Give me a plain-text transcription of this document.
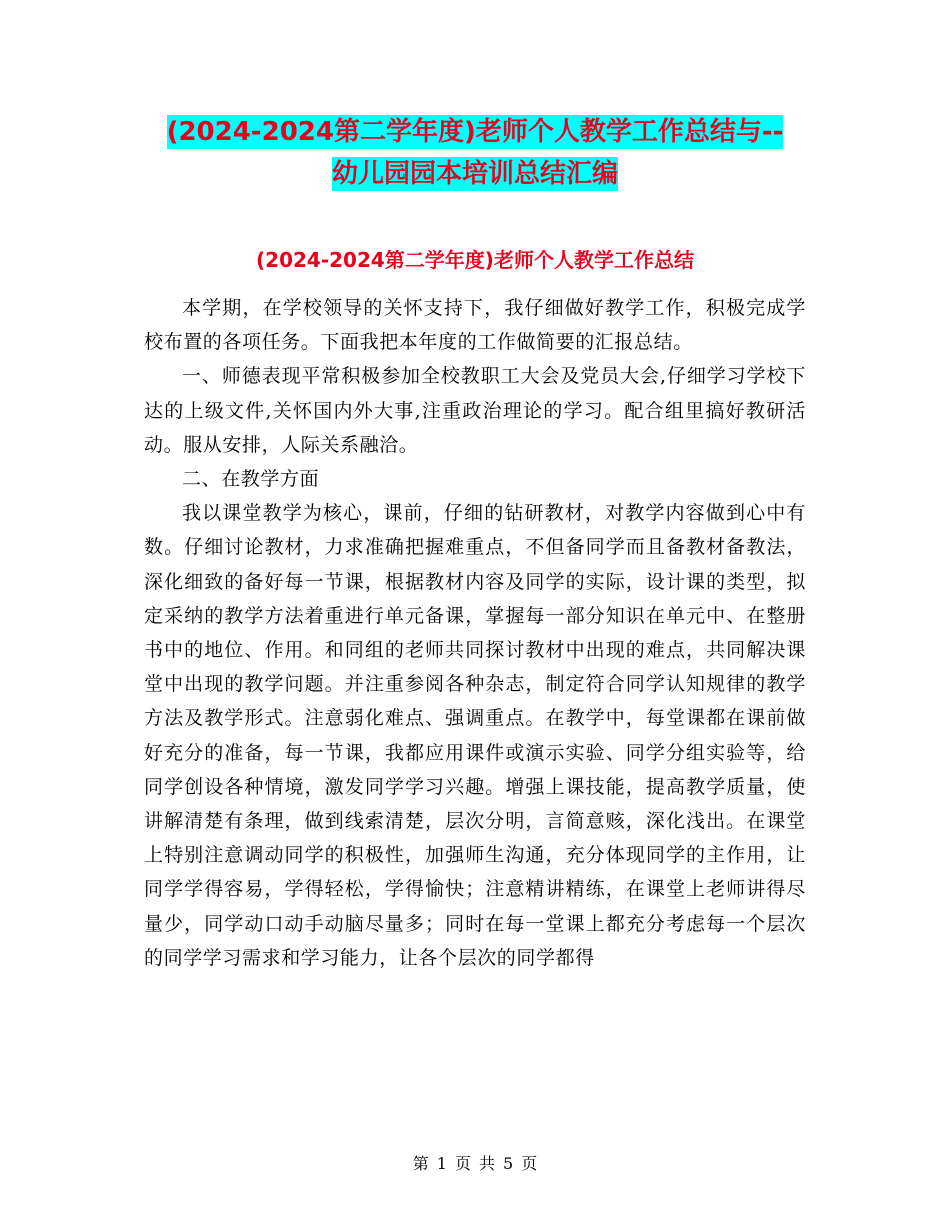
(2024-2024第二学年度)老师个人教学工作总结与--
幼儿园园本培训总结汇编
(2024-2024第二学年度)老师个人教学工作总结

本学期，在学校领导的关怀支持下，我仔细做好教学工作，积极完成学校布置的各项任务。下面我把本年度的工作做简要的汇报总结。

一、师德表现平常积极参加全校教职工大会及党员大会,仔细学习学校下达的上级文件,关怀国内外大事,注重政治理论的学习。配合组里搞好教研活动。服从安排，人际关系融洽。

二、在教学方面

我以课堂教学为核心，课前，仔细的钻研教材，对教学内容做到心中有数。仔细讨论教材，力求准确把握难重点，不但备同学而且备教材备教法，深化细致的备好每一节课，根据教材内容及同学的实际，设计课的类型，拟定采纳的教学方法着重进行单元备课，掌握每一部分知识在单元中、在整册书中的地位、作用。和同组的老师共同探讨教材中出现的难点，共同解决课堂中出现的教学问题。并注重参阅各种杂志，制定符合同学认知规律的教学方法及教学形式。注意弱化难点、强调重点。在教学中，每堂课都在课前做好充分的准备，每一节课，我都应用课件或演示实验、同学分组实验等，给同学创设各种情境，激发同学学习兴趣。增强上课技能，提高教学质量，使讲解清楚有条理，做到线索清楚，层次分明，言简意赅，深化浅出。在课堂上特别注意调动同学的积极性，加强师生沟通，充分体现同学的主作用，让同学学得容易，学得轻松，学得愉快；注意精讲精练，在课堂上老师讲得尽量少，同学动口动手动脑尽量多；同时在每一堂课上都充分考虑每一个层次的同学学习需求和学习能力，让各个层次的同学都得

第 1 页 共 5 页
